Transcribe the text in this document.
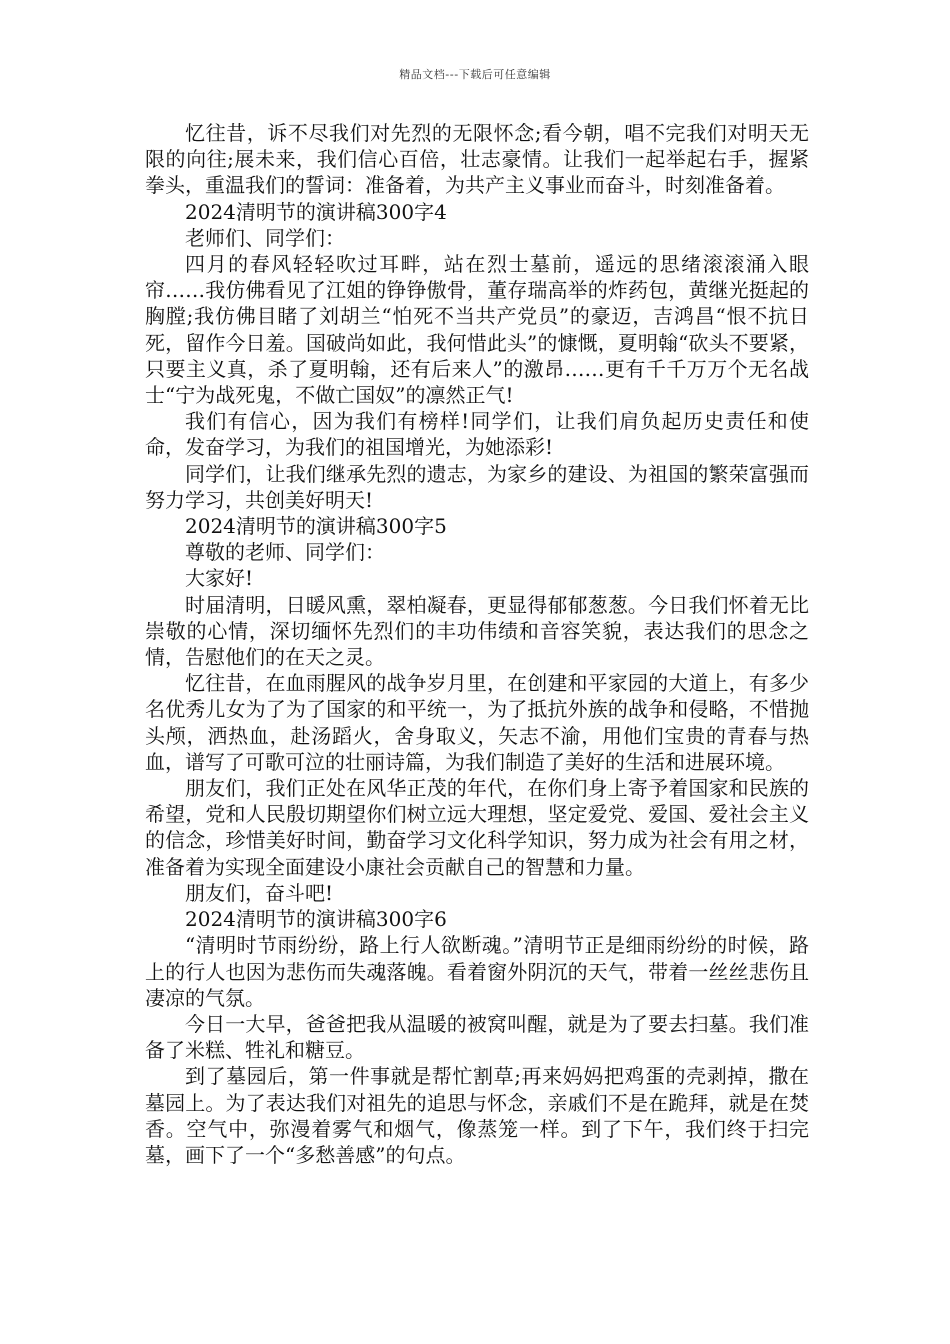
精品文档---下载后可任意编辑

忆往昔，诉不尽我们对先烈的无限怀念;看今朝，唱不完我们对明天无限的向往;展未来，我们信心百倍，壮志豪情。让我们一起举起右手，握紧拳头，重温我们的誓词：准备着，为共产主义事业而奋斗，时刻准备着。

2024清明节的演讲稿300字4

老师们、同学们：

四月的春风轻轻吹过耳畔，站在烈士墓前，遥远的思绪滚滚涌入眼帘……我仿佛看见了江姐的铮铮傲骨，董存瑞高举的炸药包，黄继光挺起的胸膛;我仿佛目睹了刘胡兰“怕死不当共产党员”的豪迈，吉鸿昌“恨不抗日死，留作今日羞。国破尚如此，我何惜此头”的慷慨，夏明翰“砍头不要紧，只要主义真，杀了夏明翰，还有后来人”的激昂……更有千千万万个无名战士“宁为战死鬼，不做亡国奴”的凛然正气!

我们有信心，因为我们有榜样!同学们，让我们肩负起历史责任和使命，发奋学习，为我们的祖国增光，为她添彩!

同学们，让我们继承先烈的遗志，为家乡的建设、为祖国的繁荣富强而努力学习，共创美好明天!

2024清明节的演讲稿300字5

尊敬的老师、同学们：

大家好!

时届清明，日暖风熏，翠柏凝春，更显得郁郁葱葱。今日我们怀着无比崇敬的心情，深切缅怀先烈们的丰功伟绩和音容笑貌，表达我们的思念之情，告慰他们的在天之灵。

忆往昔，在血雨腥风的战争岁月里，在创建和平家园的大道上，有多少名优秀儿女为了为了国家的和平统一，为了抵抗外族的战争和侵略，不惜抛头颅，洒热血，赴汤蹈火，舍身取义，矢志不渝，用他们宝贵的青春与热血，谱写了可歌可泣的壮丽诗篇，为我们制造了美好的生活和进展环境。

朋友们，我们正处在风华正茂的年代，在你们身上寄予着国家和民族的希望，党和人民殷切期望你们树立远大理想，坚定爱党、爱国、爱社会主义的信念，珍惜美好时间，勤奋学习文化科学知识，努力成为社会有用之材，准备着为实现全面建设小康社会贡献自己的智慧和力量。

朋友们，奋斗吧!

2024清明节的演讲稿300字6

“清明时节雨纷纷，路上行人欲断魂。”清明节正是细雨纷纷的时候，路上的行人也因为悲伤而失魂落魄。看着窗外阴沉的天气，带着一丝丝悲伤且凄凉的气氛。

今日一大早，爸爸把我从温暖的被窝叫醒，就是为了要去扫墓。我们准备了米糕、牲礼和糖豆。

到了墓园后，第一件事就是帮忙割草;再来妈妈把鸡蛋的壳剥掉，撒在墓园上。为了表达我们对祖先的追思与怀念，亲戚们不是在跪拜，就是在焚香。空气中，弥漫着雾气和烟气，像蒸笼一样。到了下午，我们终于扫完墓，画下了一个“多愁善感”的句点。
